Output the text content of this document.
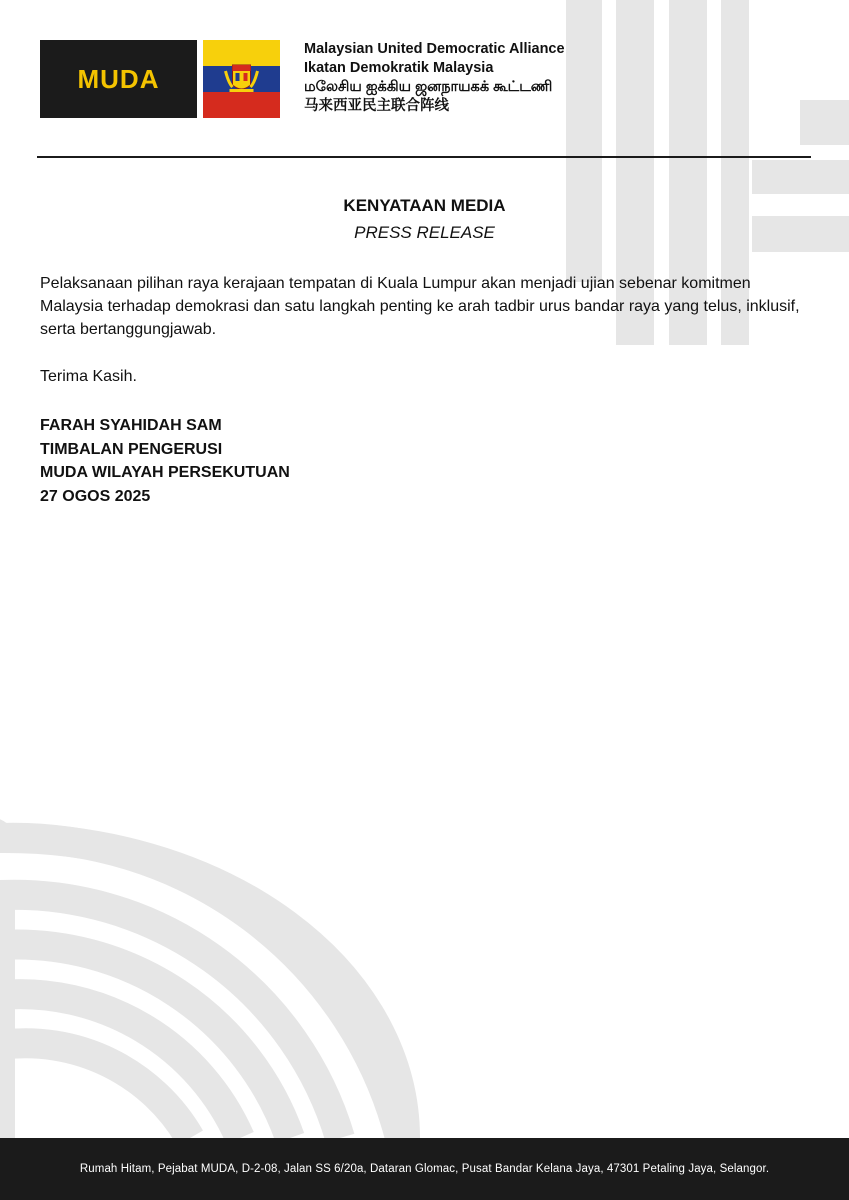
MUDA
Malaysian United Democratic Alliance
Ikatan Demokratik Malaysia
மலேசிய ஐக்கிய ஜனநாயகக் கூட்டணி
马来西亚民主联合阵线
KENYATAAN MEDIA
PRESS RELEASE
Pelaksanaan pilihan raya kerajaan tempatan di Kuala Lumpur akan menjadi ujian sebenar komitmen Malaysia terhadap demokrasi dan satu langkah penting ke arah tadbir urus bandar raya yang telus, inklusif, serta bertanggungjawab.
Terima Kasih.
FARAH SYAHIDAH SAM
TIMBALAN PENGERUSI
MUDA WILAYAH PERSEKUTUAN
27 OGOS 2025
Rumah Hitam, Pejabat MUDA, D-2-08, Jalan SS 6/20a, Dataran Glomac, Pusat Bandar Kelana Jaya, 47301 Petaling Jaya, Selangor.
